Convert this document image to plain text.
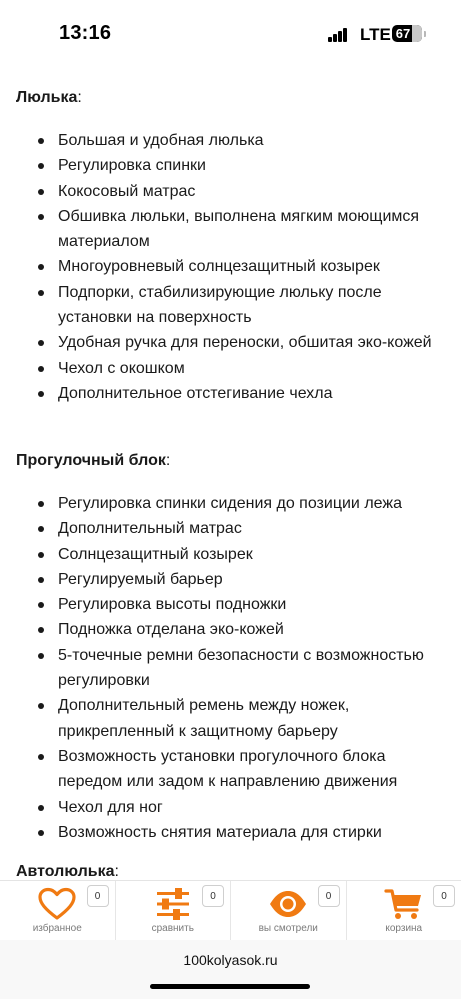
13:16	LTE 67
Люлька:
Большая и удобная люлька
Регулировка спинки
Кокосовый матрас
Обшивка люльки, выполнена мягким моющимся материалом
Многоуровневый солнцезащитный козырек
Подпорки, стабилизирующие люльку после установки на поверхность
Удобная ручка для переноски, обшитая эко-кожей
Чехол с окошком
Дополнительное отстегивание чехла
Прогулочный блок:
Регулировка спинки сидения до позиции лежа
Дополнительный матрас
Солнцезащитный козырек
Регулируемый барьер
Регулировка высоты подножки
Подножка отделана эко-кожей
5-точечные ремни безопасности с возможностью регулировки
Дополнительный ремень между ножек, прикрепленный к защитному барьеру
Возможность установки прогулочного блока передом или задом к направлению движения
Чехол для ног
Возможность снятия материала для стирки
Автолюлька:
0
избранное
0
сравнить
0
вы смотрели
0
корзина
100kolyasok.ru
